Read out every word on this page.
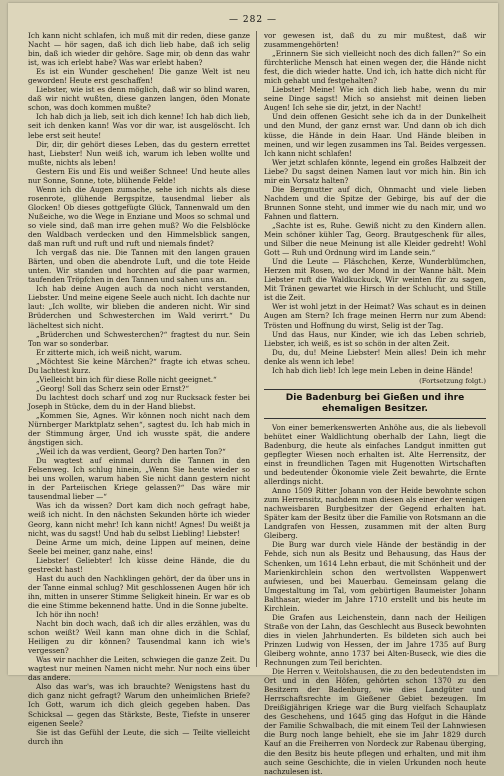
— 282 —

Ich kann nicht schlafen, ich muß mit dir reden, diese ganze Nacht — hör sagen, daß ich dich lieb habe, daß ich selig bin, daß ich wieder dir gehöre. Sage mir, ob denn das wahr ist, was ich erlebt habe? Was war erlebt haben?

Es ist ein Wunder geschehen! Die ganze Welt ist neu geworden! Heute erst geschaffen!

Liebster, wie ist es denn möglich, daß wir so blind waren, daß wir nicht wußten, diese ganzen langen, öden Monate schon, was doch kommen mußte?

Ich hab dich ja lieb, seit ich dich kenne! Ich hab dich lieb, seit ich denken kann! Was vor dir war, ist ausgelöscht. Ich lebe erst seit heute!

Dir, dir, dir gehört dieses Leben, das du gestern errettet hast, Liebster! Nun weiß ich, warum ich leben wollte und mußte, nichts als leben!

Gestern Eis und Eis und weißer Schnee! Und heute alles nur Sonne, Sonne, tote, blühende Felde!

Wenn ich die Augen zumache, sehe ich nichts als diese rosenrote, glühende Bergspitze, tausendmal lieber als Glocken! Ob dieses gottgefügte Glück, Tannenwald um den Nußeiche, wo die Wege in Enziane und Moos so schmal und so viele sind, daß man irre gehen muß? Wo die Felsblöcke den Waldbach verdecken und den Himmelsblick sangen, daß man ruft und ruft und ruft und niemals findet?

Ich vergaß das nie. Die Tannen mit den langen grauen Bärten, und oben die abendrote Luft, und die tote Heide unten. Wir standen und horchten auf die paar warmen, taufenden Tröpfchen in den Tannen und sahen uns an.

Ich hab deine Augen auch da noch nicht verstanden, Liebster. Und meine eigene Seele auch nicht. Ich dachte nur laut: „Ich wollte, wir blieben die anderen nicht. Wir sind Brüderchen und Schwesterchen im Wald verirrt.“ Du lächeltest sich nicht.

„Brüderchen und Schwesterchen?“ fragtest du nur. Sein Ton war so sonderbar.

Er zitterte mich, ich weiß nicht, warum.

„Möchtest Sie keine Märchen?“ fragte ich etwas scheu. Du lachtest kurz.

„Vielleicht bin ich für diese Rolle nicht geeignet.“

„Georg! Soll das Scherz sein oder Ernst?“

Du lachtest doch scharf und zog nur Rucksack fester bei Joseph in Stücke, dem du in der Hand bliebst.

„Kommen Sie, Agnes. Wir können noch nicht nach dem Nürnberger Marktplatz sehen“, sagtest du. Ich hab mich in der Stimmung ärger, Und ich wusste spät, die andere ängstigen sich.

„Weil ich da was verdient, Georg? Den harten Ton?“

Du wagtest auf einmal durch die Tannen in den Felsenweg. Ich schlug hinein, „Wenn Sie heute wieder so bei uns wollen, warum haben Sie nicht dann gestern nicht in der Parteiischen Kriege gelassen?“ Das wäre mir tausendmal lieber —“

Was ich da wissen? Dort kam dich noch gefragt habe, weiß ich nicht. In den nächsten Sekunden hörte ich wieder Georg, kann nicht mehr! Ich kann nicht! Agnes! Du weißt ja nicht, was du sagst! Und hab du selbst Liebling! Liebster!

Deine Arme um mich, deine Lippen auf meinen, deine Seele bei meiner, ganz nahe, eins!

Liebster! Geliebter! Ich küsse deine Hände, die du gestreckt hast!

Hast du auch den Nachklingen gehört, der da über uns in der Tanne einmal schlug? Mit geschlossenen Augen hör ich ihn, mitten in unserer Stimme Seligkeit hinein. Er war es ob die eine Stimme bekennend hatte. Und in die Sonne jubelte.

Ich hör ihn noch!

Nacht bin doch wach, daß ich dir alles erzählen, was du schon weißt? Weil kann man ohne dich in die Schlaf, Heiligen zu dir können? Tausendmal kann ich wie's vergessen?

Was wir nachher die Leiten, schwiegen die ganze Zeit. Du wagtest nur meinen Namen nicht mehr. Nur noch eins über das andere.

Also das war's, was ich brauchte? Wenigstens hast du dich ganz nicht gefragt? Warum den unheimlichen Briefe? Ich Gott, warum ich dich gleich gegeben haben. Das Schicksal — gegen das Stärkste, Beste, Tiefste in unserer eigenen Seele?

Sie ist das Gefühl der Leute, die sich — Teilte vielleicht durch ihn

vor gewesen ist, daß du zu mir mußtest, daß wir zusammengehörten!

„Erinnern Sie sich vielleicht noch des dich fallen?“ So ein fürchterliche Mensch hat einen wegen der, die Hände nicht fest, die dich wieder hatte. Und ich, ich hatte dich nicht für mich gehabt und festgehalten?

Liebster! Meine! Wie ich dich lieb habe, wenn du mir seine Dinge sagst! Mich so ansiehst mit deinen lieben Augen! Ich sehe sie dir, jetzt, in der Nacht!

Und dein offenen Gesicht sehe ich da in der Dunkelheit und den Mund, der ganz ernst war. Und dann ob ich dich küsse, die Hände in dein Haar. Und Hände bleiben in meinen, und wir legen zusammen ins Tal. Beides vergessen. Ich kann nicht schlafen!

Wer jetzt schlafen könnte, legend ein großes Halbzeit der Liebe? Du sagst deinen Namen laut vor mich hin. Bin ich mir ein Vorsatz halten?

Die Bergmutter auf dich, Ohnmacht und viele lieben Nachdem und die Spitze der Gebirge, bis auf der die Brunnen Sonne steht, und immer wie du nach mir, und wo Fahnen und flattern.

„Sachte ist es, Ruhe. Gewiß nicht zu den Kindern allen. Mein schöner kühler Tag, Georg. Brautgeschenk für alles, und Silber die neue Meinung ist alle Kleider gedreht! Wohl Gott — Ruh und Ordnung wird im Lande sein.“

Und die Leute — Fläschchen, Kerze, Wunderblümchen, Herzen mit Rosen, wo der Mond in der Wanne hält. Mein Liebster ruft die Waldkuckuck, Wir weinten für zu sagen, Mit Tränen gewartet wie Hirsch in der Schlucht, und Stille ist die Zeit.

Wer ist wohl jetzt in der Heimat? Was schaut es in deinen Augen am Stern? Ich frage meinen Herrn nur zum Abend: Trösten und Hoffnung du wirst, Selig ist der Tag.

Und das Haus, nur Kinder, wie ich das Leben schrieb, Liebster, ich weiß, es ist so schön in der alten Zeit.

Du, du, du! Meine Liebster! Mein alles! Dein ich mehr denke als wenn ich lebe!

Ich hab dich lieb! Ich lege mein Leben in deine Hände!

(Fortsetzung folgt.)
Die Badenburg bei Gießen und ihre ehemaligen Besitzer.

Von einer bemerkenswerten Anhöhe aus, die als liebevoll behütet einer Waldlichtung oberhalb der Lahn, liegt die Badenburg, die heute als einfaches Landgut inmitten gut gepflegter Wiesen noch erhalten ist. Alte Herrensitz, der einst in freundlichen Tagen mit Hugenotten Wirtschaften und bedeutender Ökonomie viele Zeit bewahrte, die Ernte allerdings nicht.

Anno 1509 Ritter Johann von der Heide bewohnte schon zum Herrensitz, nachdem man diesen als einer der wenigen nachweisbaren Burgbesitzer der Gegend erhalten hat. Später kam der Besitz über die Familie von Rotsmann an die Landgrafen von Hessen, zusammen mit der alten Burg Gleiberg.

Die Burg war durch viele Hände der beständig in der Fehde, sich nun als Besitz und Behausung, das Haus der Schenken, um 1614 Lehn erbaut, die mit Schönheit und der Marienkirchlein schon den wertvollsten Wappenwert aufwiesen, und bei Mauerbau. Gemeinsam gelang die Umgestaltung im Tal, vom gebürtigen Baumeister Johann Balthasar, wieder im Jahre 1710 erstellt und bis heute im Kirchlein.

Die Grafen aus Leichenstein, dann nach der Heiligen Straße von der Lahn, das Geschlecht aus Buseck bewohnten dies in vielen Jahrhunderten. Es bildeten sich auch bei Prinzen Ludwig von Hessen, der im Jahre 1735 auf Burg Gleiberg wohnte, anno 1737 bei Alten-Buseck, wie dies die Rechnungen zum Teil berichten.

Die Herren v. Weitolshausen, die zu den bedeutendsten im Ort und in den Höfen, gehörten schon 1370 zu den Besitzern der Badenburg, wie dies Landgüter und Herrschaftsrechte im Gießener Gebiet bezeugen. Im Dreißigjährigen Kriege war die Burg vielfach Schauplatz des Geschehens, und 1645 ging das Hofgut in die Hände der Familie Schwalbach, die mit einem Teil der Lahnwiesen die Burg noch lange behielt, ehe sie im Jahr 1829 durch Kauf an die Freiherren von Nordeck zur Rabenau überging, die den Besitz bis heute pflegen und erhalten, und mit ihm auch seine Geschichte, die in vielen Urkunden noch heute nachzulesen ist.
